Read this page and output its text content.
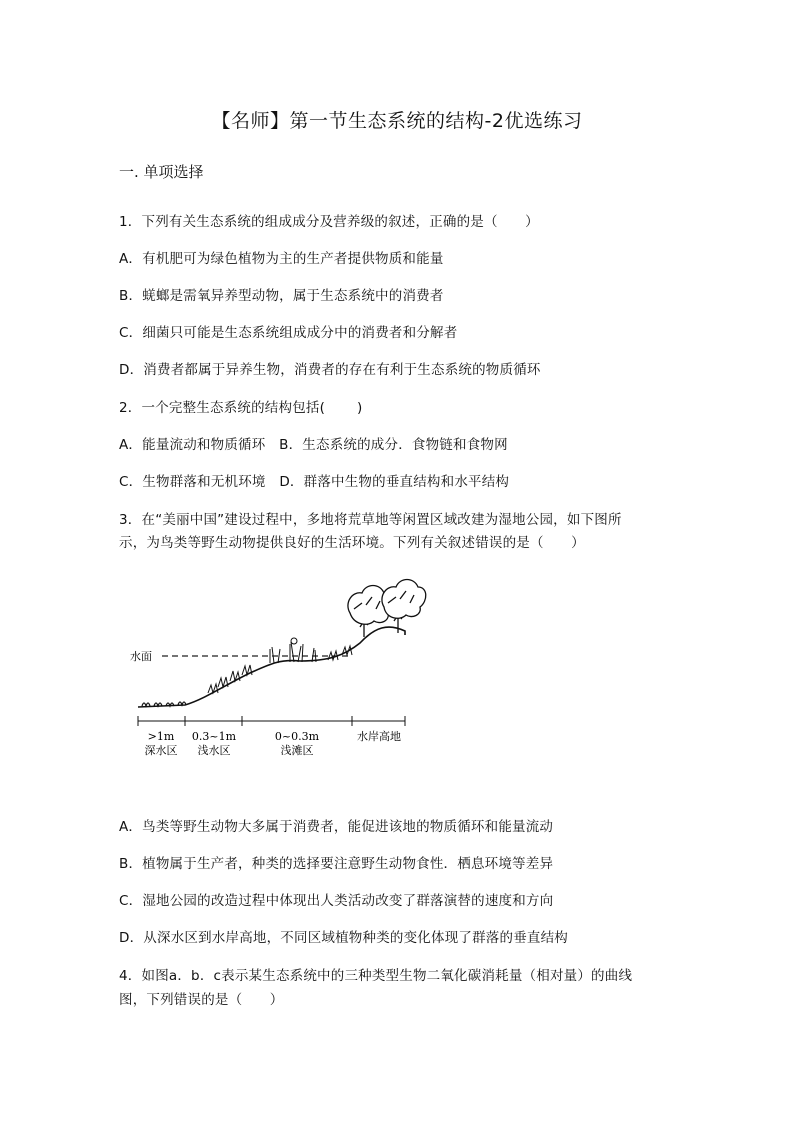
【名师】第一节生态系统的结构-2优选练习
一. 单项选择
1．下列有关生态系统的组成成分及营养级的叙述，正确的是（　　）
A．有机肥可为绿色植物为主的生产者提供物质和能量
B．蜣螂是需氧异养型动物，属于生态系统中的消费者
C．细菌只可能是生态系统组成成分中的消费者和分解者
D．消费者都属于异养生物，消费者的存在有利于生态系统的物质循环
2．一个完整生态系统的结构包括(　　 )
A．能量流动和物质循环　B．生态系统的成分．食物链和食物网
C．生物群落和无机环境　D．群落中生物的垂直结构和水平结构
3．在“美丽中国”建设过程中，多地将荒草地等闲置区域改建为湿地公园，如下图所
示，为鸟类等野生动物提供良好的生活环境。下列有关叙述错误的是（　　）
水面
>1m
深水区
0.3~1m
浅水区
0~0.3m
浅滩区
水岸高地
A．鸟类等野生动物大多属于消费者，能促进该地的物质循环和能量流动
B．植物属于生产者，种类的选择要注意野生动物食性．栖息环境等差异
C．湿地公园的改造过程中体现出人类活动改变了群落演替的速度和方向
D．从深水区到水岸高地，不同区域植物种类的变化体现了群落的垂直结构
4．如图a．b．c表示某生态系统中的三种类型生物二氧化碳消耗量（相对量）的曲线
图，下列错误的是（　　）
